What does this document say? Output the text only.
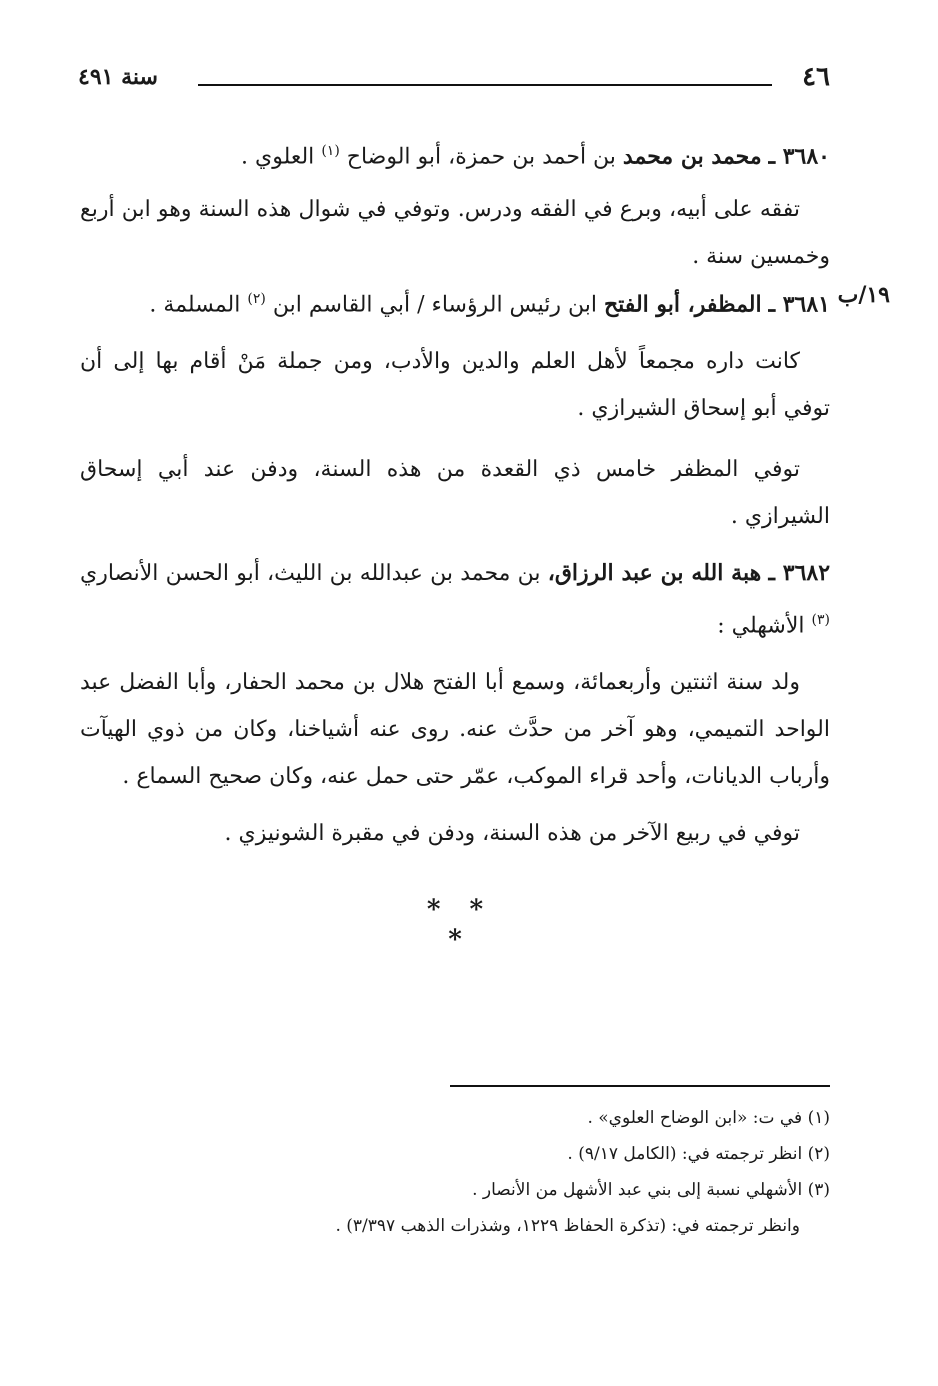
٤٦
سنة ٤٩١

٣٦٨٠ ـ محمد بن محمد بن أحمد بن حمزة، أبو الوضاح $^{(١)}$ العلوي .

تفقه على أبيه، وبرع في الفقه ودرس. وتوفي في شوال هذه السنة وهو ابن أربع وخمسين سنة .

١٩/ب

٣٦٨١ ـ المظفر، أبو الفتح ابن رئيس الرؤساء / أبي القاسم ابن $^{(٢)}$ المسلمة .

كانت داره مجمعاً لأهل العلم والدين والأدب، ومن جملة مَنْ أقام بها إلى أن توفي أبو إسحاق الشيرازي .

توفي المظفر خامس ذي القعدة من هذه السنة، ودفن عند أبي إسحاق الشيرازي .

٣٦٨٢ ـ هبة الله بن عبد الرزاق، بن محمد بن عبدالله بن الليث، أبو الحسن الأنصاري $^{(٣)}$ الأشهلي :

ولد سنة اثنتين وأربعمائة، وسمع أبا الفتح هلال بن محمد الحفار، وأبا الفضل عبد الواحد التميمي، وهو آخر من حدَّث عنه. روى عنه أشياخنا، وكان من ذوي الهيآت وأرباب الديانات، وأحد قراء الموكب، عمّر حتى حمل عنه، وكان صحيح السماع .

توفي في ربيع الآخر من هذه السنة، ودفن في مقبرة الشونيزي .

* * *
(١) في ت: «ابن الوضاح العلوي» .
(٢) انظر ترجمته في: (الكامل ٩/١٧) .
(٣) الأشهلي نسبة إلى بني عبد الأشهل من الأنصار .
وانظر ترجمته في: (تذكرة الحفاظ ١٢٢٩، وشذرات الذهب ٣/٣٩٧) .
